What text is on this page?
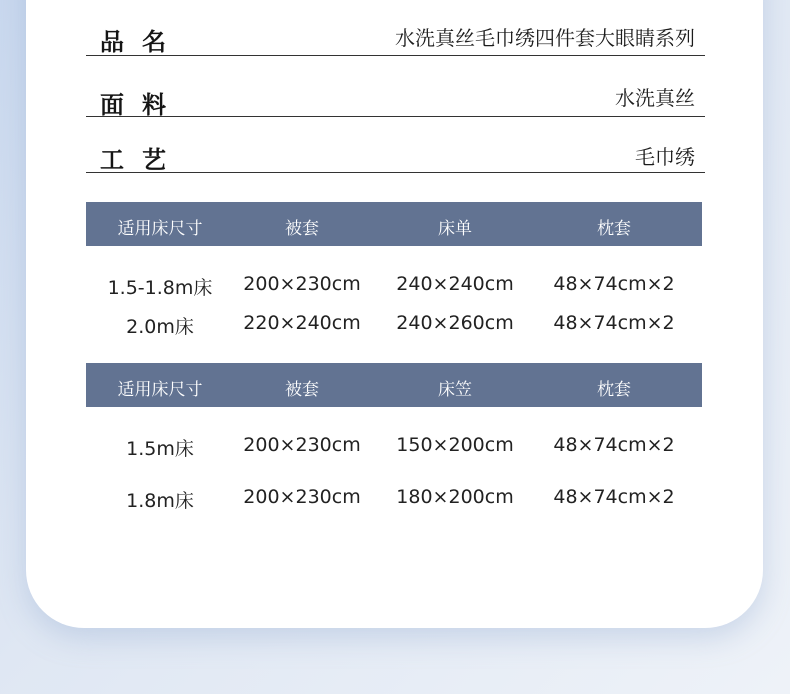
品名	水洗真丝毛巾绣四件套大眼睛系列
面料	水洗真丝
工艺	毛巾绣
适用床尺寸	被套	床单	枕套
1.5-1.8m床 200×230cm 240×240cm 48×74cm×2
2.0m床	220×240cm 240×260cm 48×74cm×2
适用床尺寸	被套	床笠	枕套
1.5m床	200×230cm 150×200cm 48×74cm×2
1.8m床	200×230cm 180×200cm 48×74cm×2
